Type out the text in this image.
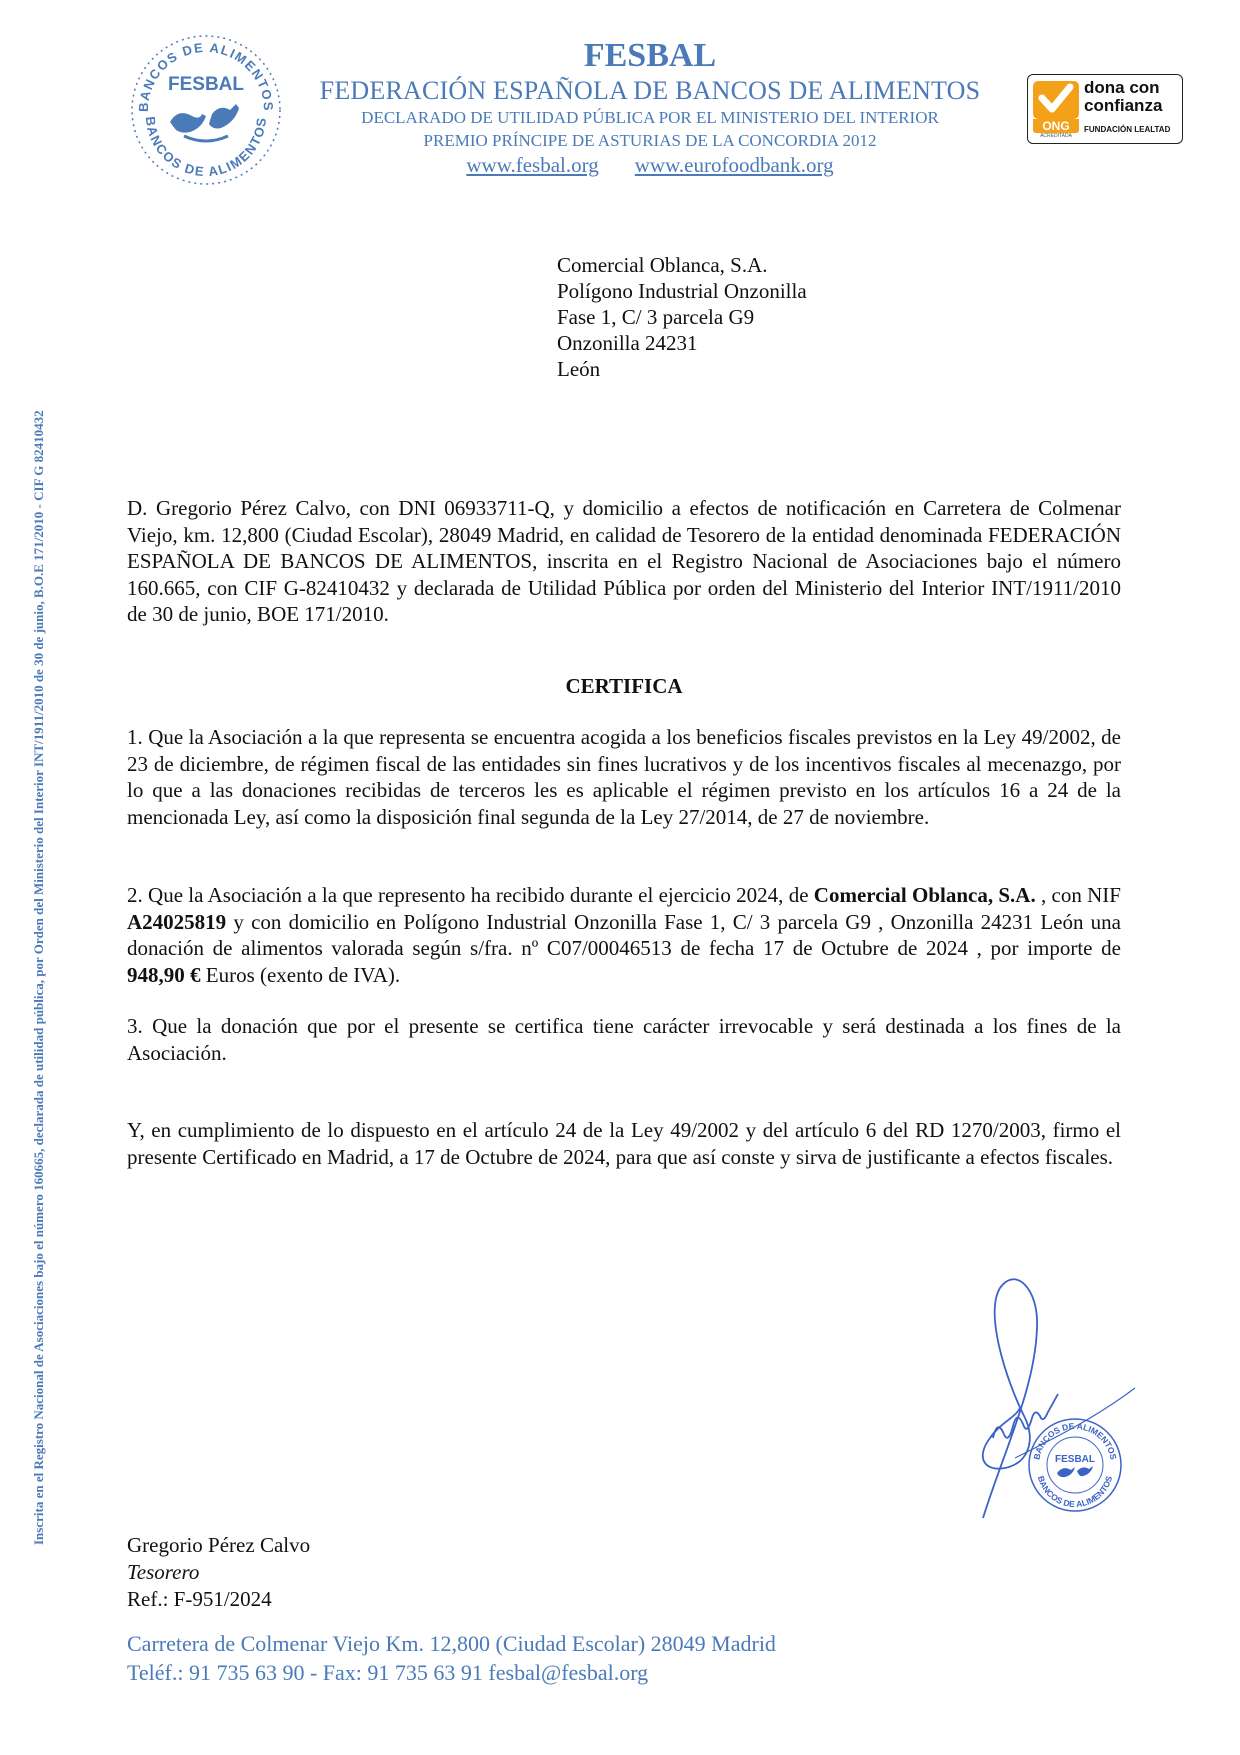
BANCOS DE ALIMENTOS
BANCOS DE ALIMENTOS
FESBAL
FESBAL
FEDERACIÓN ESPAÑOLA DE BANCOS DE ALIMENTOS
DECLARADO DE UTILIDAD PÚBLICA POR EL MINISTERIO DEL INTERIOR
PREMIO PRÍNCIPE DE ASTURIAS DE LA CONCORDIA 2012
www.fesbal.org www.eurofoodbank.org
ONG
ACREDITADA
dona con
confianza
FUNDACIÓN LEALTAD
Inscrita en el Registro Nacional de Asociaciones bajo el número 160665, declarada de utilidad pública, por Orden del Ministerio del Interior INT/1911/2010 de 30 de junio, B.O.E 171/2010 - CIF G 82410432
Comercial Oblanca, S.A.
Polígono Industrial Onzonilla
Fase 1, C/ 3 parcela G9
Onzonilla 24231
León
D. Gregorio Pérez Calvo, con DNI 06933711-Q, y domicilio a efectos de notificación en Carretera de Colmenar Viejo, km. 12,800 (Ciudad Escolar), 28049 Madrid, en calidad de Tesorero de la entidad denominada FEDERACIÓN ESPAÑOLA DE BANCOS DE ALIMENTOS, inscrita en el Registro Nacional de Asociaciones bajo el número 160.665, con CIF G-82410432 y declarada de Utilidad Pública por orden del Ministerio del Interior INT/1911/2010 de 30 de junio, BOE 171/2010.
CERTIFICA
1. Que la Asociación a la que representa se encuentra acogida a los beneficios fiscales previstos en la Ley 49/2002, de 23 de diciembre, de régimen fiscal de las entidades sin fines lucrativos y de los incentivos fiscales al mecenazgo, por lo que a las donaciones recibidas de terceros les es aplicable el régimen previsto en los artículos 16 a 24 de la mencionada Ley, así como la disposición final segunda de la Ley 27/2014, de 27 de noviembre.
2. Que la Asociación a la que represento ha recibido durante el ejercicio 2024, de Comercial Oblanca, S.A. , con NIF A24025819 y con domicilio en Polígono Industrial Onzonilla Fase 1, C/ 3 parcela G9 , Onzonilla 24231 León una donación de alimentos valorada según s/fra. nº C07/00046513 de fecha 17 de Octubre de 2024 , por importe de 948,90 € Euros (exento de IVA).
3. Que la donación que por el presente se certifica tiene carácter irrevocable y será destinada a los fines de la Asociación.
Y, en cumplimiento de lo dispuesto en el artículo 24 de la Ley 49/2002 y del artículo 6 del RD 1270/2003, firmo el presente Certificado en Madrid, a 17 de Octubre de 2024, para que así conste y sirva de justificante a efectos fiscales.
BANCOS DE ALIMENTOS
BANCOS DE ALIMENTOS
FESBAL
Gregorio Pérez Calvo
Tesorero
Ref.: F-951/2024
Carretera de Colmenar Viejo Km. 12,800 (Ciudad Escolar) 28049 Madrid
Teléf.: 91 735 63 90 - Fax: 91 735 63 91 fesbal@fesbal.org
